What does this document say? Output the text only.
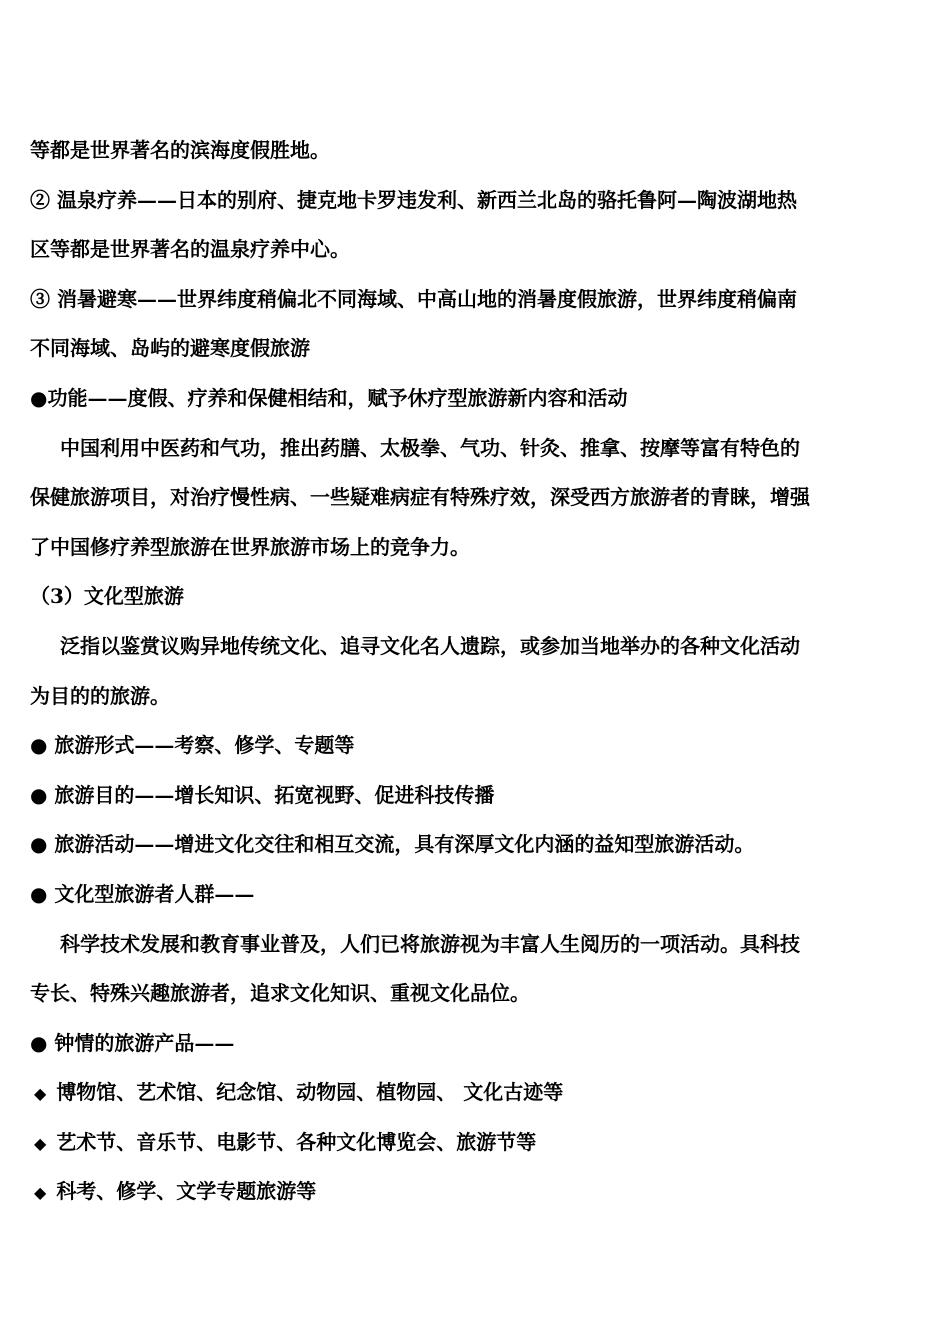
等都是世界著名的滨海度假胜地。
② 温泉疗养——日本的别府、捷克地卡罗违发利、新西兰北岛的骆托鲁阿—陶波湖地热
区等都是世界著名的温泉疗养中心。
③ 消暑避寒——世界纬度稍偏北不同海域、中高山地的消暑度假旅游，世界纬度稍偏南
不同海域、岛屿的避寒度假旅游
●功能——度假、疗养和保健相结和，赋予休疗型旅游新内容和活动
中国利用中医药和气功，推出药膳、太极拳、气功、针灸、推拿、按摩等富有特色的
保健旅游项目，对治疗慢性病、一些疑难病症有特殊疗效，深受西方旅游者的青睐，增强
了中国修疗养型旅游在世界旅游市场上的竞争力。
（3）文化型旅游
泛指以鉴赏议购异地传统文化、追寻文化名人遗踪，或参加当地举办的各种文化活动
为目的的旅游。
● 旅游形式——考察、修学、专题等
● 旅游目的——增长知识、拓宽视野、促进科技传播
● 旅游活动——增进文化交往和相互交流，具有深厚文化内涵的益知型旅游活动。
● 文化型旅游者人群——
科学技术发展和教育事业普及，人们已将旅游视为丰富人生阅历的一项活动。具科技
专长、特殊兴趣旅游者，追求文化知识、重视文化品位。
● 钟情的旅游产品——
◆ 博物馆、艺术馆、纪念馆、动物园、植物园、 文化古迹等
◆ 艺术节、音乐节、电影节、各种文化博览会、旅游节等
◆ 科考、修学、文学专题旅游等
